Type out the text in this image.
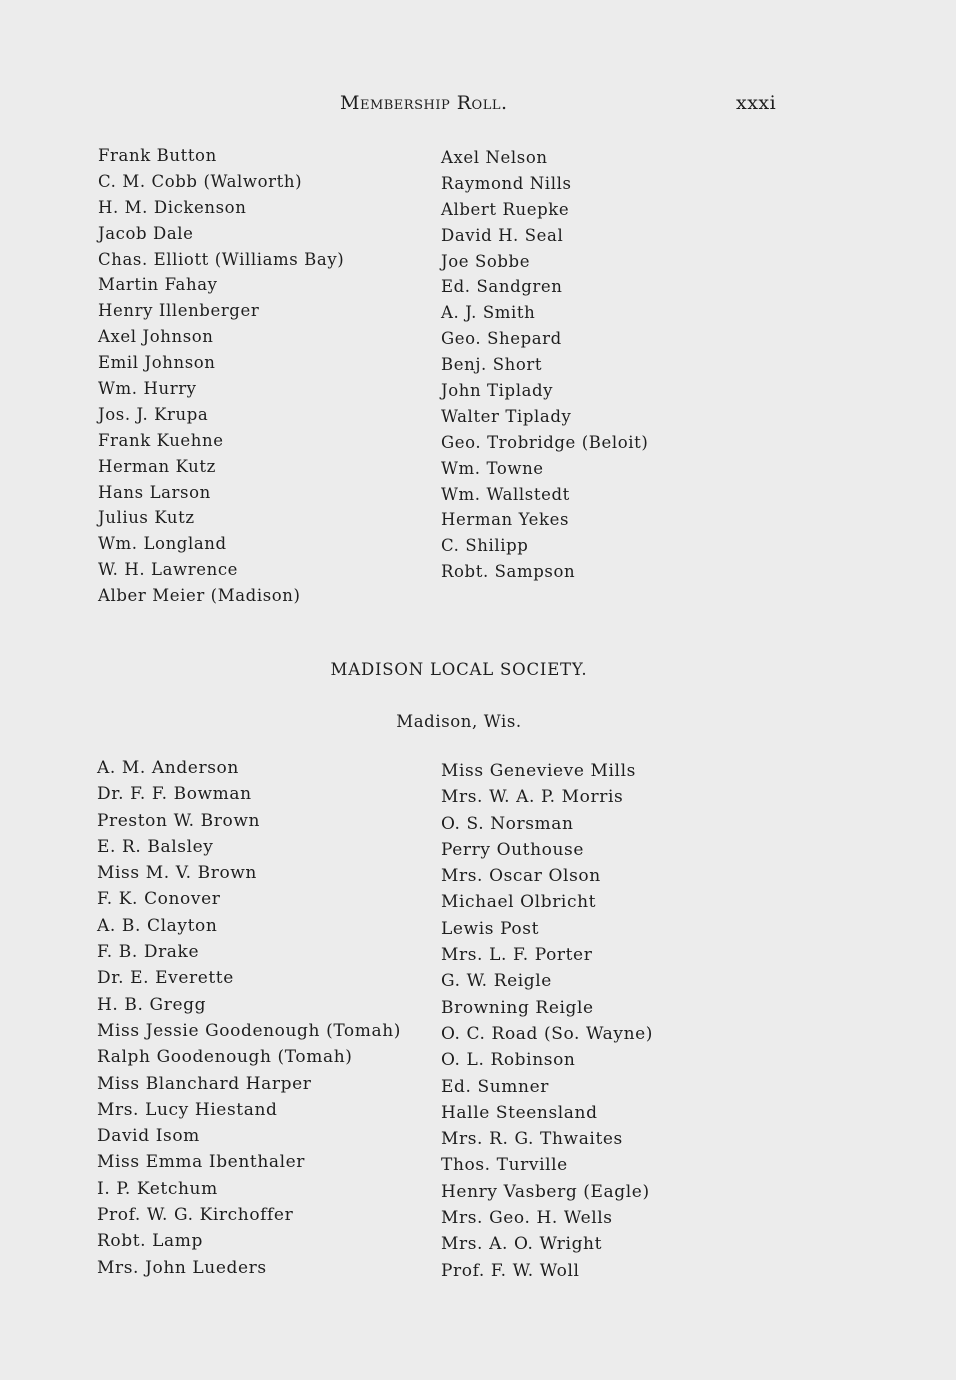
Membership Roll.	xxxi
Frank Button
C. M. Cobb (Walworth)
H. M. Dickenson
Jacob Dale
Chas. Elliott (Williams Bay)
Martin Fahay
Henry Illenberger
Axel Johnson
Emil Johnson
Wm. Hurry
Jos. J. Krupa
Frank Kuehne
Herman Kutz
Hans Larson
Julius Kutz
Wm. Longland
W. H. Lawrence
Alber Meier (Madison)
Axel Nelson
Raymond Nills
Albert Ruepke
David H. Seal
Joe Sobbe
Ed. Sandgren
A. J. Smith
Geo. Shepard
Benj. Short
John Tiplady
Walter Tiplady
Geo. Trobridge (Beloit)
Wm. Towne
Wm. Wallstedt
Herman Yekes
C. Shilipp
Robt. Sampson
MADISON LOCAL SOCIETY.
Madison, Wis.
A. M. Anderson
Dr. F. F. Bowman
Preston W. Brown
E. R. Balsley
Miss M. V. Brown
F. K. Conover
A. B. Clayton
F. B. Drake
Dr. E. Everette
H. B. Gregg
Miss Jessie Goodenough (Tomah)
Ralph Goodenough (Tomah)
Miss Blanchard Harper
Mrs. Lucy Hiestand
David Isom
Miss Emma Ibenthaler
I. P. Ketchum
Prof. W. G. Kirchoffer
Robt. Lamp
Mrs. John Lueders
Miss Genevieve Mills
Mrs. W. A. P. Morris
O. S. Norsman
Perry Outhouse
Mrs. Oscar Olson
Michael Olbricht
Lewis Post
Mrs. L. F. Porter
G. W. Reigle
Browning Reigle
O. C. Road (So. Wayne)
O. L. Robinson
Ed. Sumner
Halle Steensland
Mrs. R. G. Thwaites
Thos. Turville
Henry Vasberg (Eagle)
Mrs. Geo. H. Wells
Mrs. A. O. Wright
Prof. F. W. Woll
